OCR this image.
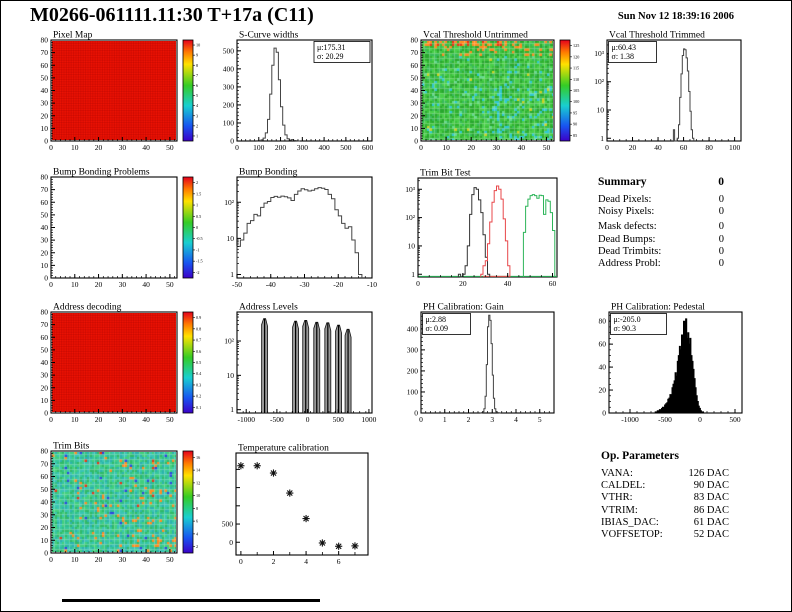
M0266-061111.11:30 T+17a (C11)	Sun Nov 12 18:39:16 2006
Pixel Map
0 10 20 30 40 50
0
10
20
30
40
50
60
70
80
10
9
8
7
6
5
4
3
2
1
S-Curve widths
0 100 200 300 400 500 600
0
100
200
300
400
500	μ:175.31
σ: 20.29
Vcal Threshold Untrimmed
0	10 20 30 40 50
0
10
20
30
40
50
60
70
80
125
120
115
110
105
100
95
90
85
Vcal Threshold Trimmed
0	20 40 60 80 100
1
10
10²
10³
μ:60.43
σ: 1.38
Bump Bonding Problems
0 10 20 30 40 50
0
10
20
30
40
50
60
70
80
2
1.5
1
0.5
0
-0.5
-1
-1.5
-2
Bump Bonding
-50	-40	-30	-20	-10
1
10
10²
Trim Bit Test
0	20	40	60
1
10
10²
10³
Address decoding
0 10 20 30 40 50
0
10
20
30
40
50
60
70
80
0.9
0.8
0.7
0.6
0.5
0.4
0.3
0.2
0.1
Address Levels
-1000 -500	0	500 1000
1
10
10²
PH Calibration: Gain
0	1	2	3	4	5
0
100
200
300
400
μ:2.88
σ: 0.09
PH Calibration: Pedestal
-1000	-500	0	500
0
20
40
60
80 μ:-205.0
σ: 90.3
Trim Bits
0 10 20 30 40 50
0
10
20
30
40
50
60
70
80
16
14
12
10
8
6
4
2
Temperature calibration
0	2	4	6
0
500
Summary	0
Dead Pixels:	0
Noisy Pixels:	0
Mask defects:	0
Dead Bumps:	0
Dead Trimbits:	0
Address Probl:	0
Op. Parameters
VANA:	126 DAC
CALDEL:	90 DAC
VTHR:	83 DAC
VTRIM:	86 DAC
IBIAS_DAC:	61 DAC
VOFFSETOP:	52 DAC
